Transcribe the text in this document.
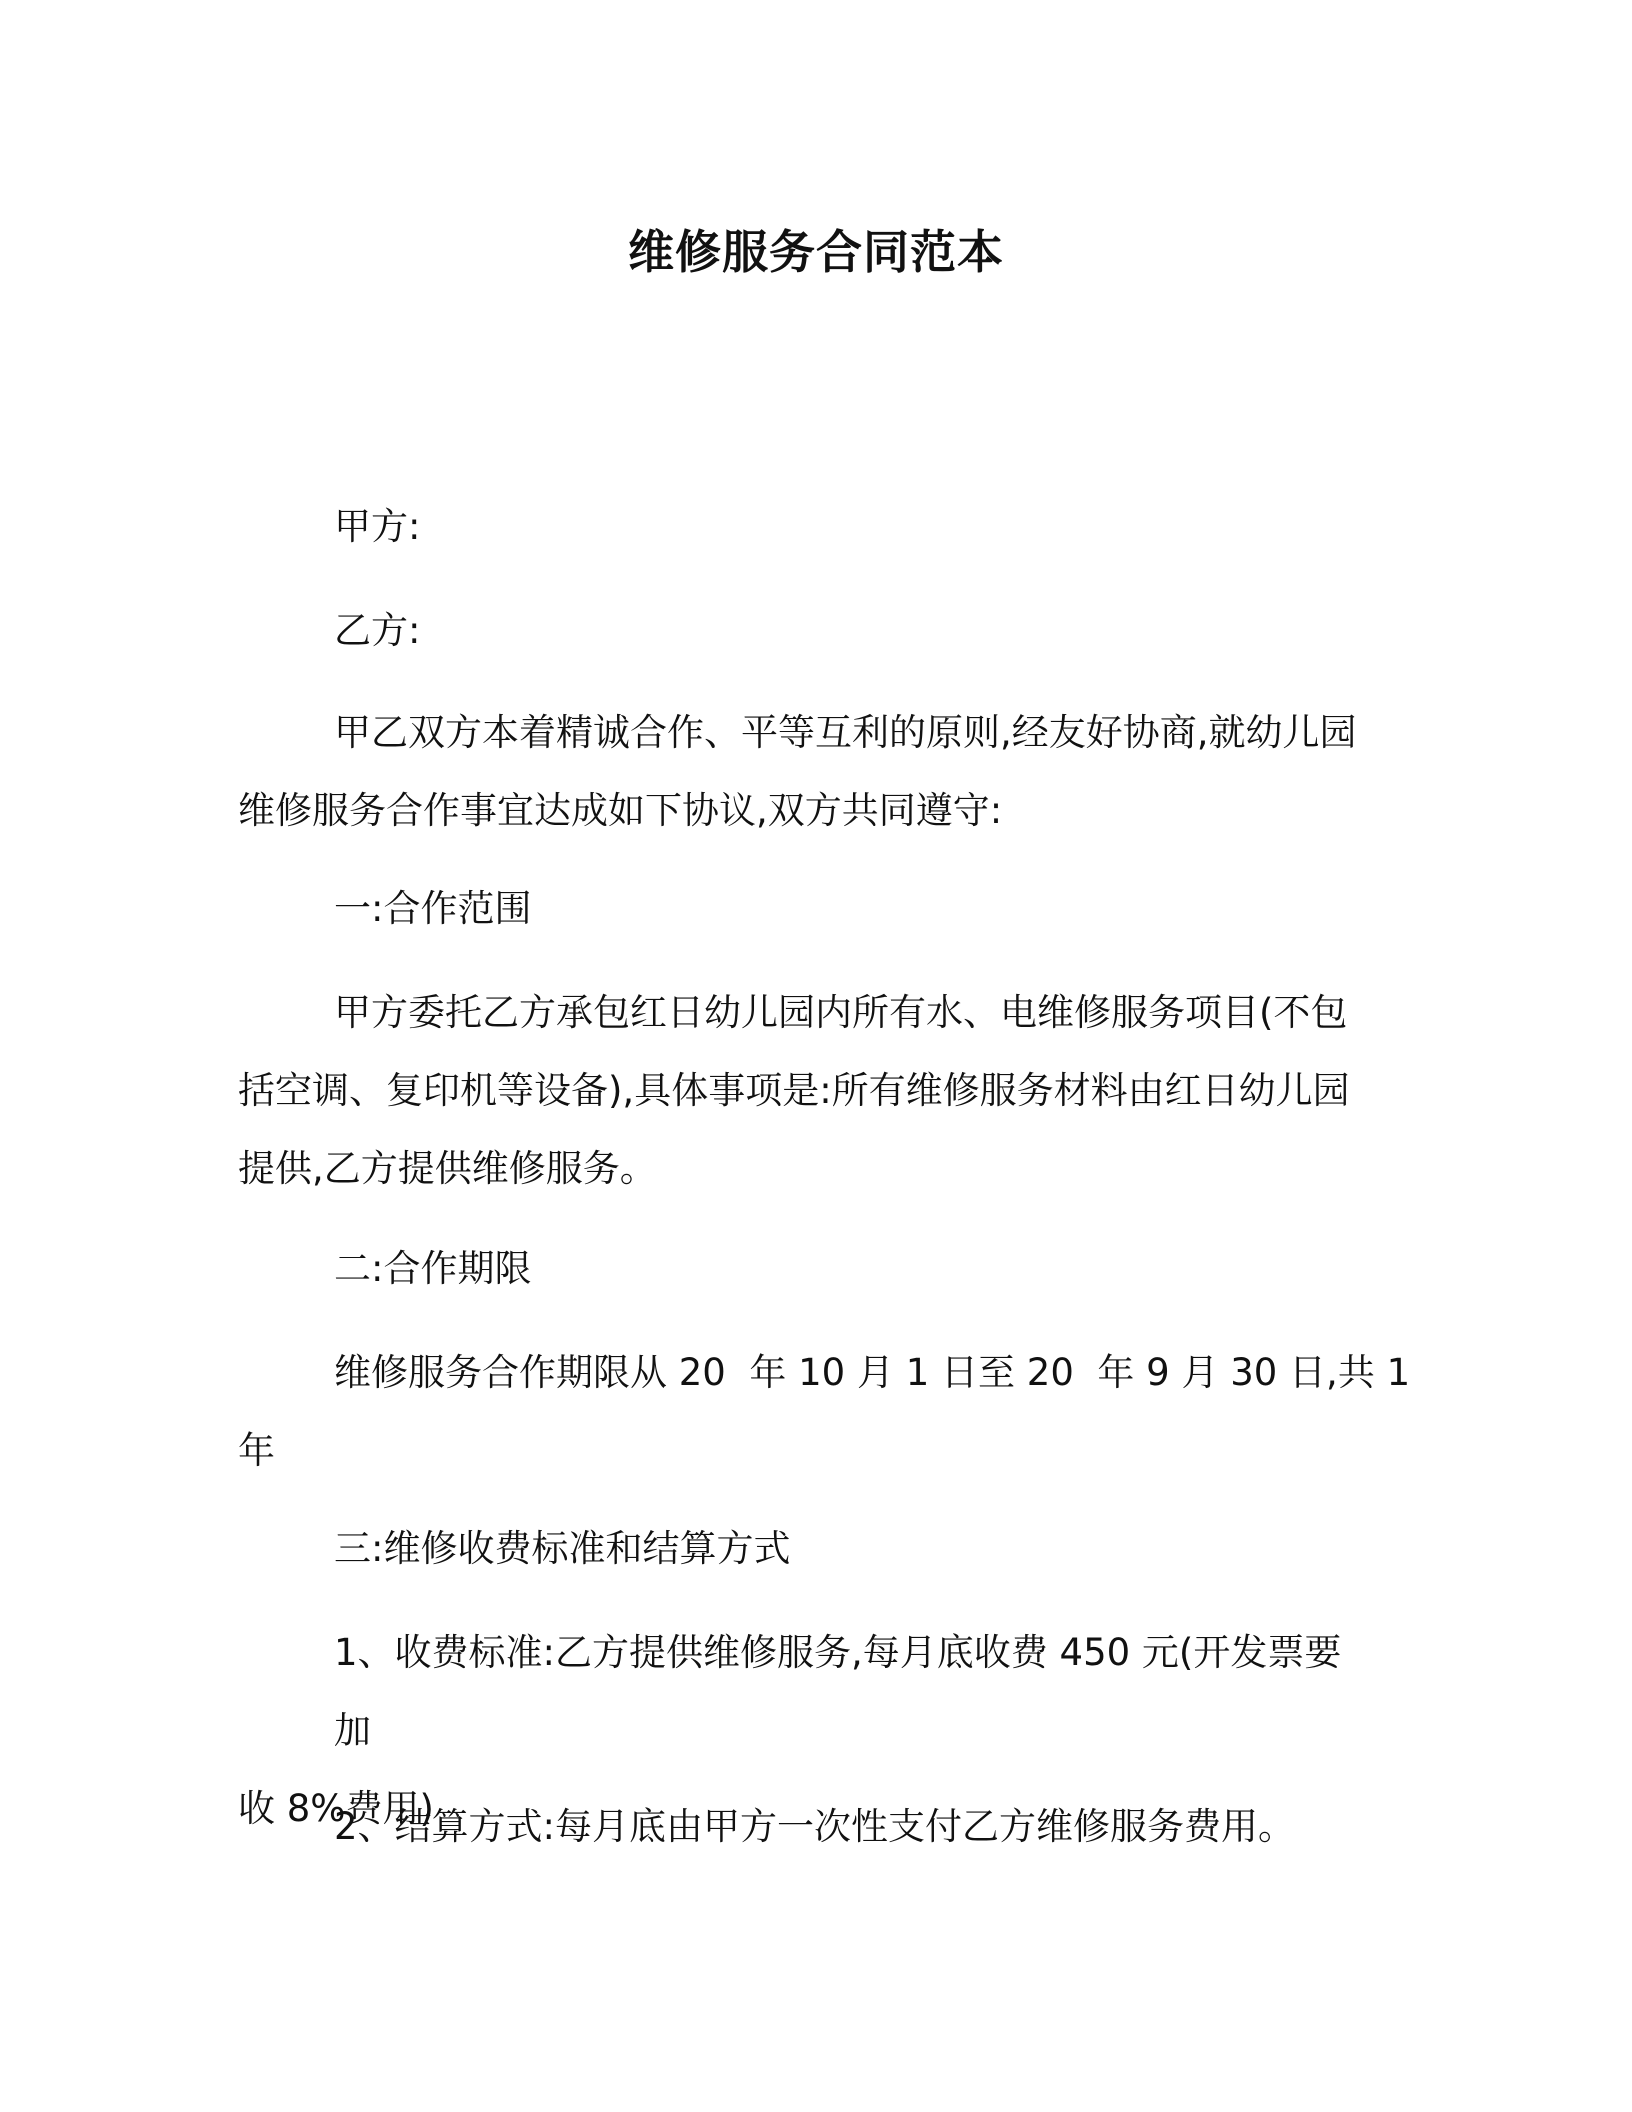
维修服务合同范本

甲方:

乙方:

甲乙双方本着精诚合作、平等互利的原则,经友好协商,就幼儿园
维修服务合作事宜达成如下协议,双方共同遵守:

一:合作范围

甲方委托乙方承包红日幼儿园内所有水、电维修服务项目(不包
括空调、复印机等设备),具体事项是:所有维修服务材料由红日幼儿园
提供,乙方提供维修服务。

二:合作期限

维修服务合作期限从 20  年 10 月 1 日至 20  年 9 月 30 日,共 1
年

三:维修收费标准和结算方式

1、收费标准:乙方提供维修服务,每月底收费 450 元(开发票要加
收 8%费用)

2、结算方式:每月底由甲方一次性支付乙方维修服务费用。
